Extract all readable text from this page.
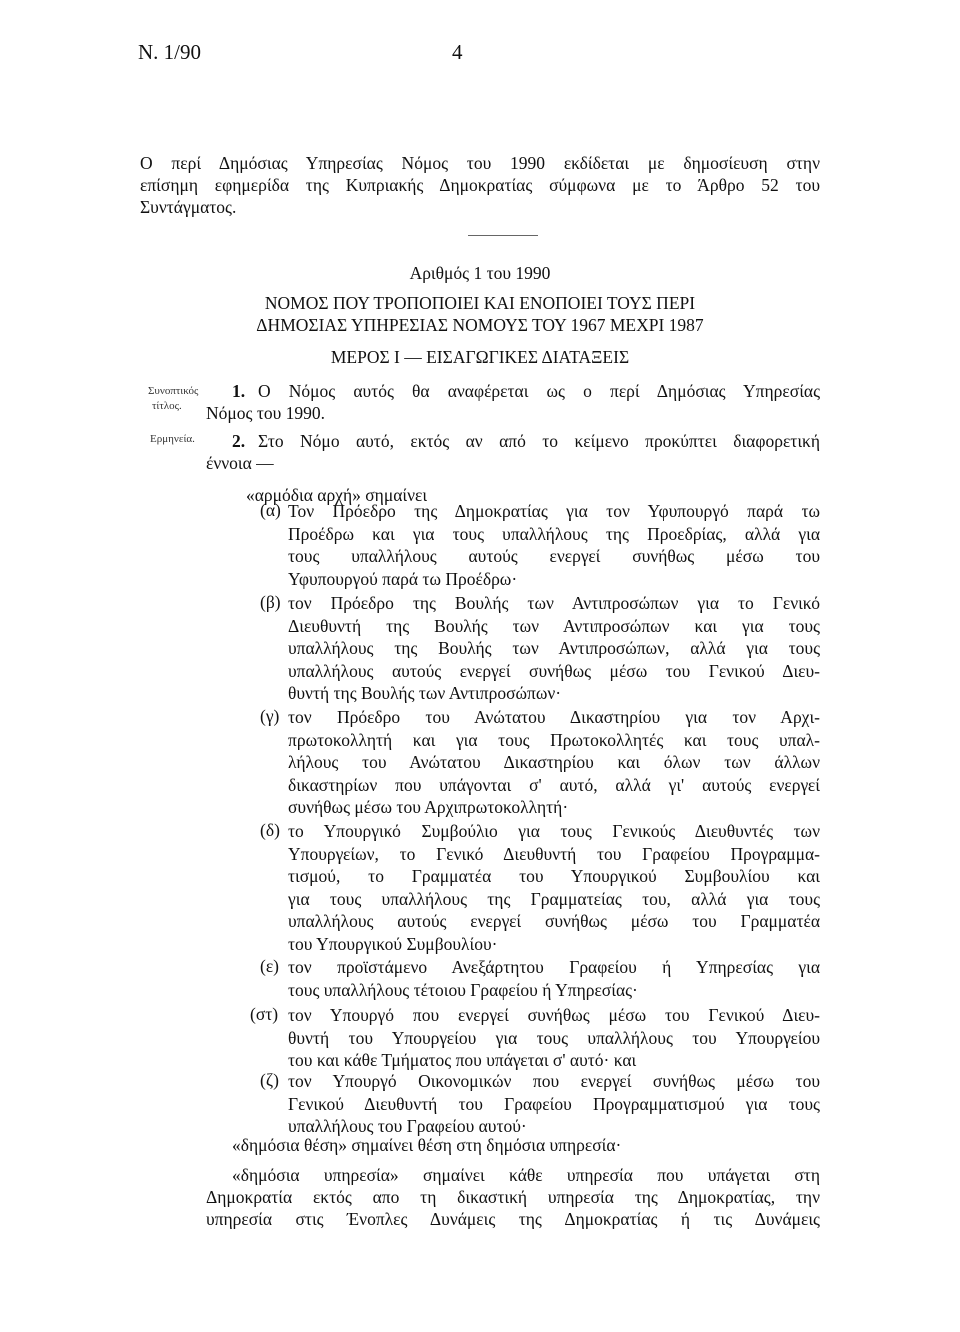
Ν. 1/90	4
Ο περί Δημόσιας Υπηρεσίας Νόμος του 1990 εκδίδεται με δημοσίευση στην
επίσημη εφημερίδα της Κυπριακής Δημοκρατίας σύμφωνα με το Άρθρο 52 του
Συντάγματος.
Αριθμός 1 του 1990
ΝΟΜΟΣ ΠΟΥ ΤΡΟΠΟΠΟΙΕΙ ΚΑΙ ΕΝΟΠΟΙΕΙ ΤΟΥΣ ΠΕΡΙ
ΔΗΜΟΣΙΑΣ ΥΠΗΡΕΣΙΑΣ ΝΟΜΟΥΣ ΤΟΥ 1967 ΜΕΧΡΙ 1987
ΜΕΡΟΣ Ι — ΕΙΣΑΓΩΓΙΚΕΣ ΔΙΑΤΑΞΕΙΣ
Συνοπτικός
τίτλος.
Ερμηνεία.
1. Ο Νόμος αυτός θα αναφέρεται ως ο περί Δημόσιας Υπηρεσίας
Νόμος του 1990.
2. Στο Νόμο αυτό, εκτός αν από το κείμενο προκύπτει διαφορετική
έννοια —
«αρμόδια αρχή» σημαίνει
(α) Τον Πρόεδρο της Δημοκρατίας για τον Υφυπουργό παρά τω
Προέδρω και για τους υπαλλήλους της Προεδρίας, αλλά για
τους υπαλλήλους αυτούς ενεργεί συνήθως μέσω του
Υφυπουργού παρά τω Προέδρω·
(β) τον Πρόεδρο της Βουλής των Αντιπροσώπων για το Γενικό
Διευθυντή της Βουλής των Αντιπροσώπων και για τους
υπαλλήλους της Βουλής των Αντιπροσώπων, αλλά για τους
υπαλλήλους αυτούς ενεργεί συνήθως μέσω του Γενικού Διευ-
θυντή της Βουλής των Αντιπροσώπων·
(γ) τον Πρόεδρο του Ανώτατου Δικαστηρίου για τον Αρχι-
πρωτοκολλητή και για τους Πρωτοκολλητές και τους υπαλ-
λήλους του Ανώτατου Δικαστηρίου και όλων των άλλων
δικαστηρίων που υπάγονται σ' αυτό, αλλά γι' αυτούς ενεργεί
συνήθως μέσω του Αρχιπρωτοκολλητή·
(δ) το Υπουργικό Συμβούλιο για τους Γενικούς Διευθυντές των
Υπουργείων, το Γενικό Διευθυντή του Γραφείου Προγραμμα-
τισμού, το Γραμματέα του Υπουργικού Συμβουλίου και
για τους υπαλλήλους της Γραμματείας του, αλλά για τους
υπαλλήλους αυτούς ενεργεί συνήθως μέσω του Γραμματέα
του Υπουργικού Συμβουλίου·
(ε) τον προϊστάμενο Ανεξάρτητου Γραφείου ή Υπηρεσίας για
τους υπαλλήλους τέτοιου Γραφείου ή Υπηρεσίας·
(στ) τον Υπουργό που ενεργεί συνήθως μέσω του Γενικού Διευ-
θυντή του Υπουργείου για τους υπαλλήλους του Υπουργείου
του και κάθε Τμήματος που υπάγεται σ' αυτό· και
(ζ) τον Υπουργό Οικονομικών που ενεργεί συνήθως μέσω του
Γενικού Διευθυντή του Γραφείου Προγραμματισμού για τους
υπαλλήλους του Γραφείου αυτού·
«δημόσια θέση» σημαίνει θέση στη δημόσια υπηρεσία·
«δημόσια υπηρεσία» σημαίνει κάθε υπηρεσία που υπάγεται στη
Δημοκρατία εκτός απο τη δικαστική υπηρεσία της Δημοκρατίας, την
υπηρεσία στις Ένοπλες Δυνάμεις της Δημοκρατίας ή τις Δυνάμεις
